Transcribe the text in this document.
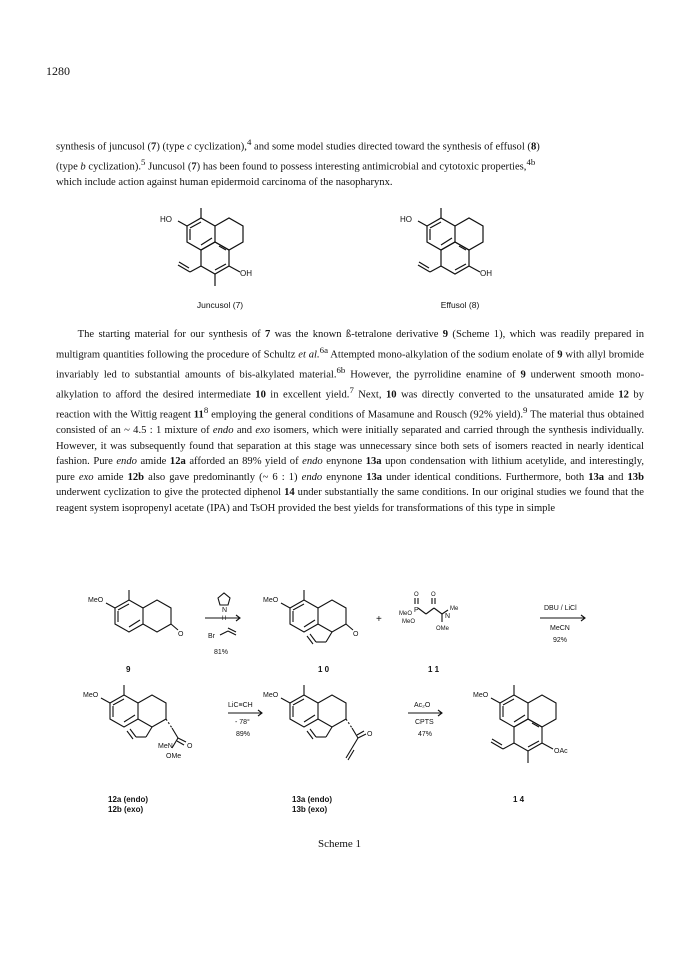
1280

synthesis of juncusol (7) (type c cyclization),$^4$ and some model studies directed toward the synthesis of effusol (8)
(type b cyclization).$^5$ Juncusol (7) has been found to possess interesting antimicrobial and cytotoxic properties,$^{4b}$
which include action against human epidermoid carcinoma of the nasopharynx.

HO
OH
Juncusol (7)
HO
OH
Effusol (8)

The starting material for our synthesis of 7 was the known ß-tetralone derivative 9 (Scheme 1), which was readily prepared in multigram quantities following the procedure of Schultz et al.$^{6a}$ Attempted mono-alkylation of the sodium enolate of 9 with allyl bromide invariably led to substantial amounts of bis-alkylated material.$^{6b}$ However, the pyrrolidine enamine of 9 underwent smooth mono-alkylation to afford the desired intermediate 10 in excellent yield.$^7$ Next, 10 was directly converted to the unsaturated amide 12 by reaction with the Wittig reagent $11^8$ employing the general conditions of Masamune and Rousch (92% yield).$^9$ The material thus obtained consisted of an ~ 4.5 : 1 mixture of endo and exo isomers, which were initially separated and carried through the synthesis individually. However, it was subsequently found that separation at this stage was unnecessary since both sets of isomers reacted in nearly identical fashion. Pure endo amide 12a afforded an 89% yield of endo enynone 13a upon condensation with lithium acetylide, and interestingly, pure exo amide 12b also gave predominantly (~ 6 : 1) endo enynone 13a under identical conditions. Furthermore, both 13a and 13b underwent cyclization to give the protected diphenol 14 under substantially the same conditions. In our original studies we found that the reagent system isopropenyl acetate (IPA) and TsOH provided the best yields for transformations of this type in simple

MeO
O
N
H
Br
81%
MeO
O
+
O O
P
MeO
MeO
N
Me
OMe
DBU / LiCl
MeCN
92%
9	1 0	1 1
MeO
MeN O
OMe
LiC≡CH
- 78°
89%
MeO
O
Ac₂O
CPTS
47%
MeO
OAc
12a (endo)
12b (exo)
13a (endo)
13b (exo)
1 4
Scheme 1
